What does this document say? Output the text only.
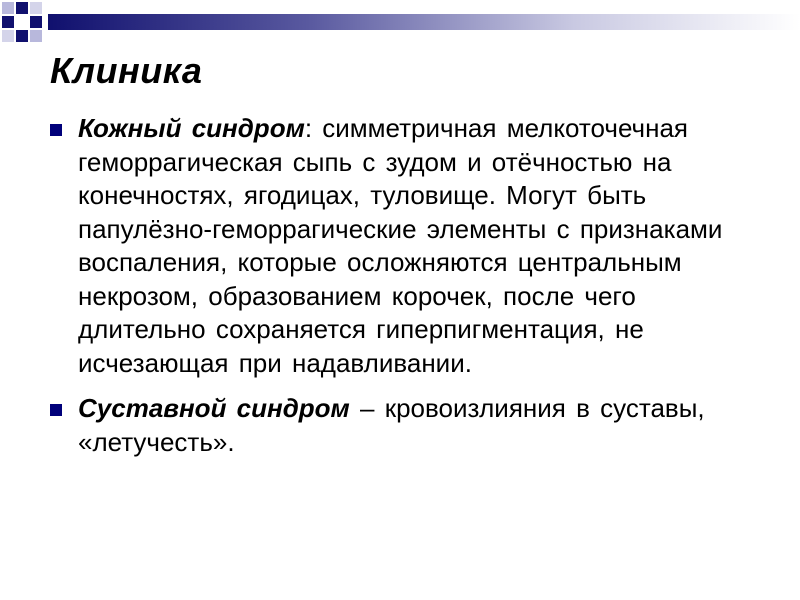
Клиника
Кожный синдром: симметричная мелкоточечная геморрагическая сыпь с зудом и отёчностью на конечностях, ягодицах, туловище. Могут быть папулёзно-геморрагические элементы с признаками воспаления, которые осложняются центральным некрозом, образованием корочек, после чего длительно сохраняется гиперпигментация, не исчезающая при надавливании.
Суставной синдром – кровоизлияния в суставы, «летучесть».
